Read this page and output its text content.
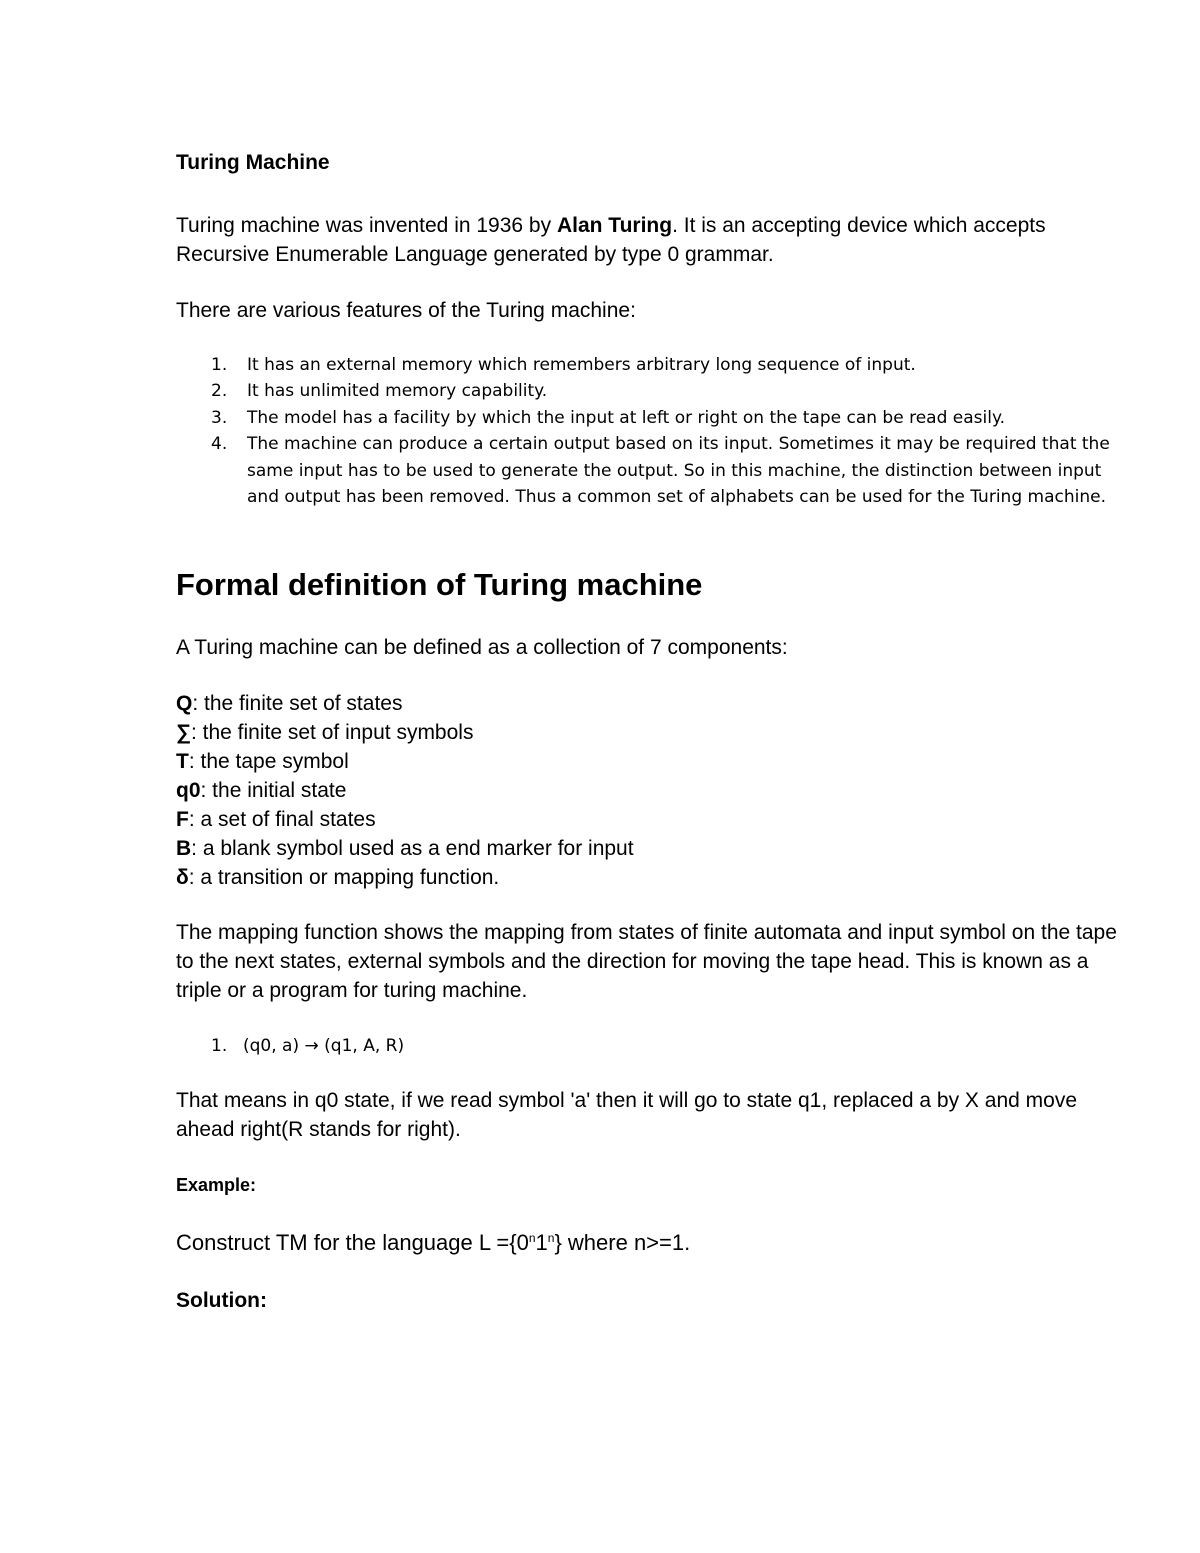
Turing Machine

Turing machine was invented in 1936 by Alan Turing. It is an accepting device which accepts Recursive Enumerable Language generated by type 0 grammar.

There are various features of the Turing machine:

1. It has an external memory which remembers arbitrary long sequence of input.
2. It has unlimited memory capability.
3. The model has a facility by which the input at left or right on the tape can be read easily.
4. The machine can produce a certain output based on its input. Sometimes it may be required that the same input has to be used to generate the output. So in this machine, the distinction between input and output has been removed. Thus a common set of alphabets can be used for the Turing machine.
Formal definition of Turing machine

A Turing machine can be defined as a collection of 7 components:

Q: the finite set of states
∑: the finite set of input symbols
T: the tape symbol
q0: the initial state
F: a set of final states
B: a blank symbol used as a end marker for input
δ: a transition or mapping function.

The mapping function shows the mapping from states of finite automata and input symbol on the tape to the next states, external symbols and the direction for moving the tape head. This is known as a triple or a program for turing machine.

1. (q0, a) → (q1, A, R)

That means in q0 state, if we read symbol 'a' then it will go to state q1, replaced a by X and move ahead right(R stands for right).

Example:

Construct TM for the language $L =\{0^n1^n\}$ where n>=1.

Solution:
